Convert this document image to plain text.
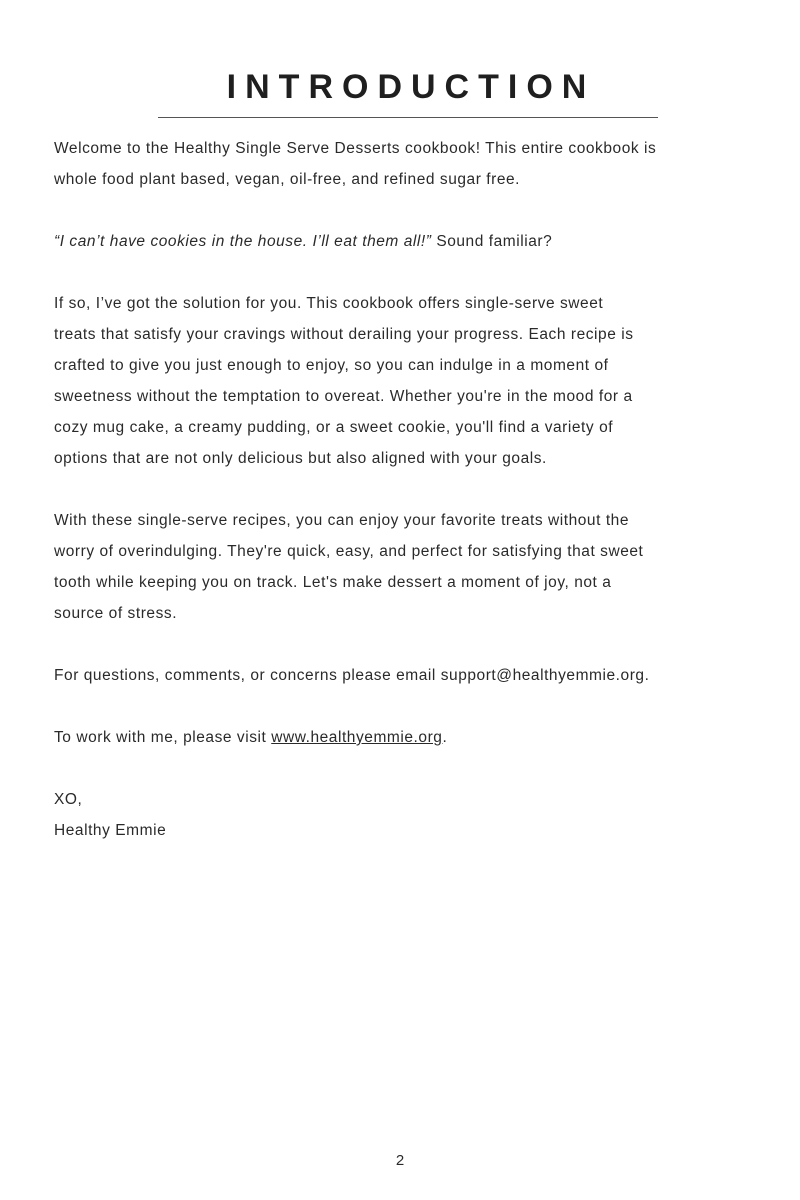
INTRODUCTION
Welcome to the Healthy Single Serve Desserts cookbook! This entire cookbook is
whole food plant based, vegan, oil-free, and refined sugar free.
“I can’t have cookies in the house. I’ll eat them all!” Sound familiar?
If so, I’ve got the solution for you. This cookbook offers single-serve sweet
treats that satisfy your cravings without derailing your progress. Each recipe is
crafted to give you just enough to enjoy, so you can indulge in a moment of
sweetness without the temptation to overeat. Whether you're in the mood for a
cozy mug cake, a creamy pudding, or a sweet cookie, you'll find a variety of
options that are not only delicious but also aligned with your goals.
With these single-serve recipes, you can enjoy your favorite treats without the
worry of overindulging. They're quick, easy, and perfect for satisfying that sweet
tooth while keeping you on track. Let's make dessert a moment of joy, not a
source of stress.
For questions, comments, or concerns please email support@healthyemmie.org.
To work with me, please visit www.healthyemmie.org.
XO,
Healthy Emmie
2
